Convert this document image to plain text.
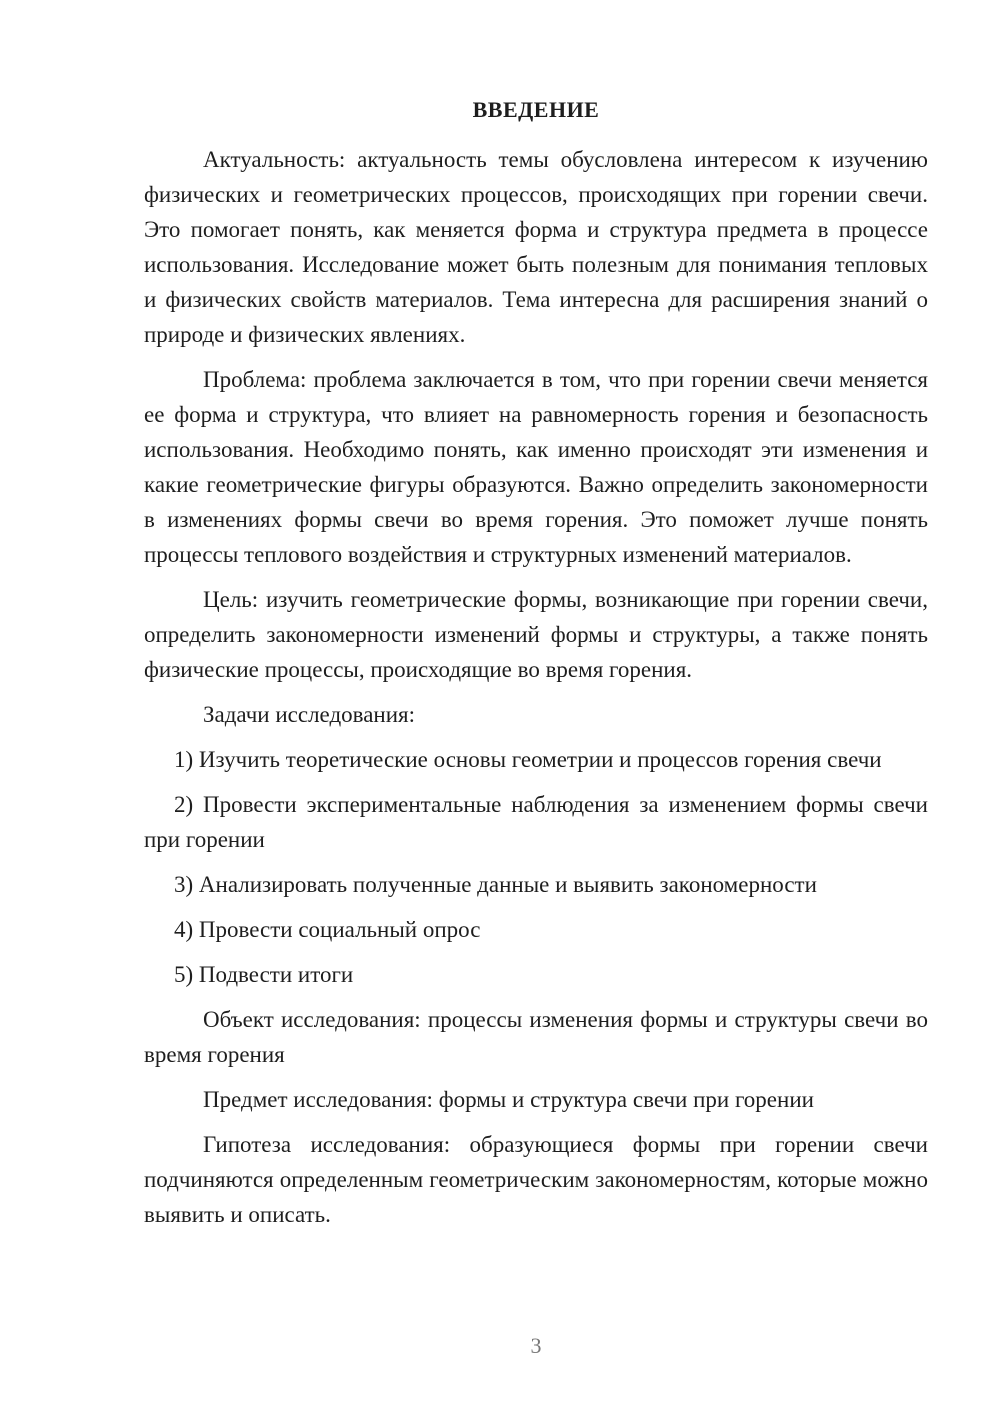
ВВЕДЕНИЕ

Актуальность: актуальность темы обусловлена интересом к изучению физических и геометрических процессов, происходящих при горении свечи. Это помогает понять, как меняется форма и структура предмета в процессе использования. Исследование может быть полезным для понимания тепловых и физических свойств материалов. Тема интересна для расширения знаний о природе и физических явлениях.

Проблема: проблема заключается в том, что при горении свечи меняется ее форма и структура, что влияет на равномерность горения и безопасность использования. Необходимо понять, как именно происходят эти изменения и какие геометрические фигуры образуются. Важно определить закономерности в изменениях формы свечи во время горения. Это поможет лучше понять процессы теплового воздействия и структурных изменений материалов.

Цель: изучить геометрические формы, возникающие при горении свечи, определить закономерности изменений формы и структуры, а также понять физические процессы, происходящие во время горения.

Задачи исследования:

1) Изучить теоретические основы геометрии и процессов горения свечи

2) Провести экспериментальные наблюдения за изменением формы свечи при горении

3) Анализировать полученные данные и выявить закономерности

4) Провести социальный опрос

5) Подвести итоги

Объект исследования: процессы изменения формы и структуры свечи во время горения

Предмет исследования: формы и структура свечи при горении

Гипотеза исследования: образующиеся формы при горении свечи подчиняются определенным геометрическим закономерностям, которые можно выявить и описать.

3
